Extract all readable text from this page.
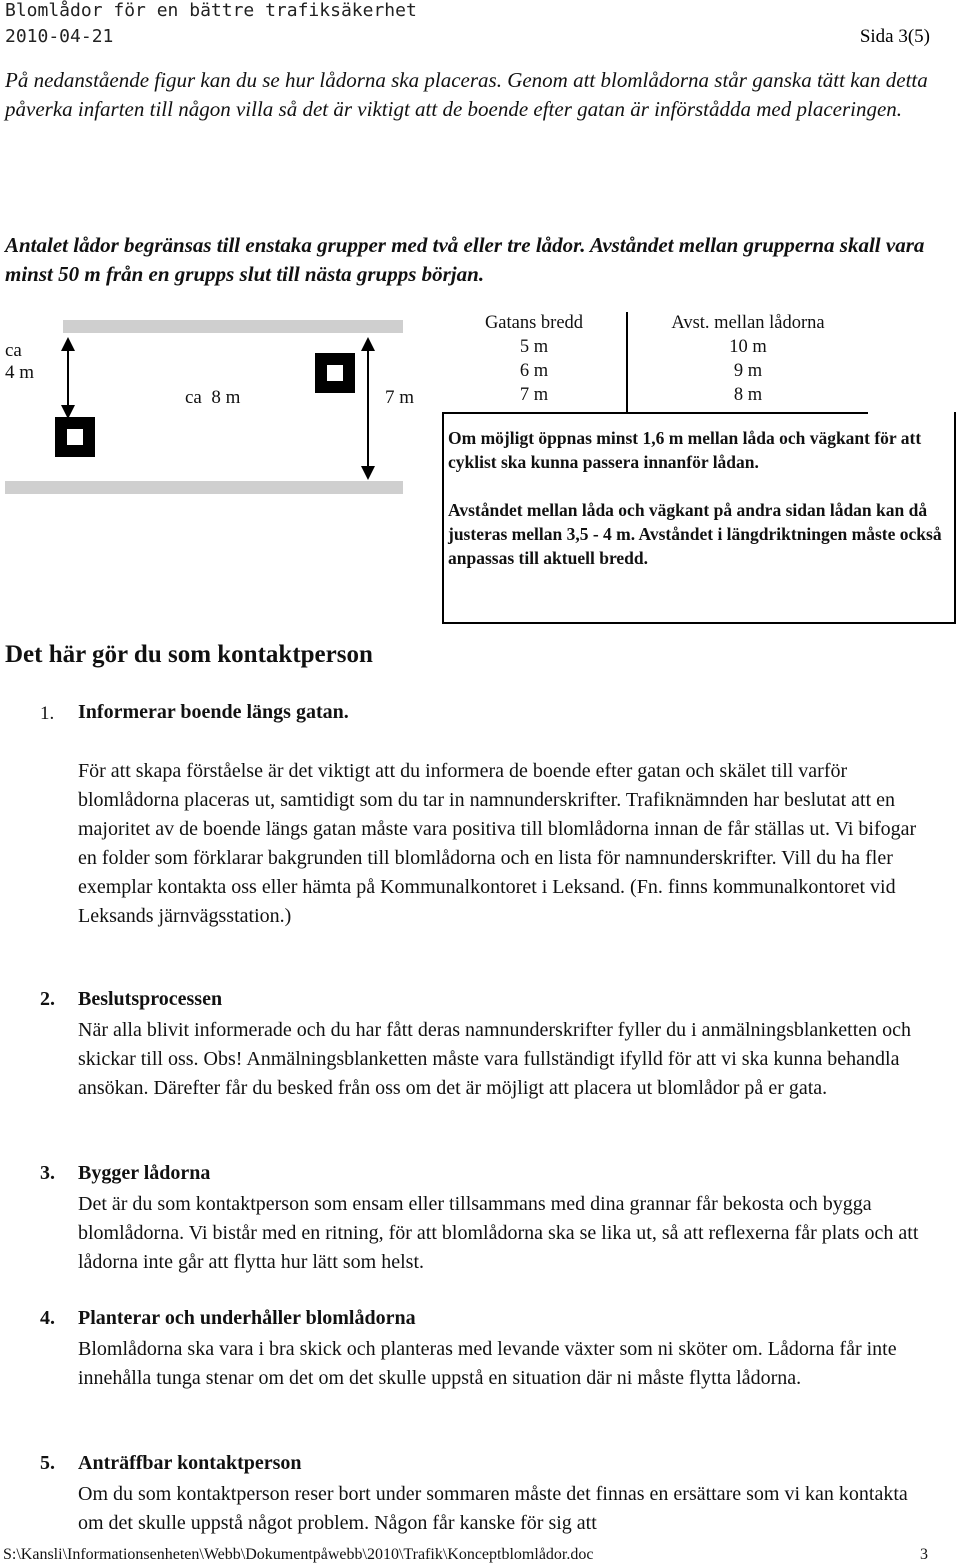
Blomlådor för en bättre trafiksäkerhet
2010-04-21	Sida 3(5)
På nedanstående figur kan du se hur lådorna ska placeras. Genom att blomlådorna står ganska tätt kan detta påverka infarten till någon villa så det är viktigt att de boende efter gatan är införstådda med placeringen.
Antalet lådor begränsas till enstaka grupper med två eller tre lådor. Avståndet mellan grupperna skall vara minst 50 m från en grupps slut till nästa grupps början.
ca
4 m
ca  8 m	7 m
Gatans bredd	Avst. mellan lådorna
5 m	10 m
6 m	9 m
7 m	8 m
Om möjligt öppnas minst 1,6 m mellan låda och vägkant för att cyklist ska kunna passera innanför lådan.
Avståndet mellan låda och vägkant på andra sidan lådan kan då justeras mellan 3,5 - 4 m. Avståndet i längdriktningen måste också anpassas till aktuell bredd.
Det här gör du som kontaktperson
1. Informerar boende längs gatan.
För att skapa förståelse är det viktigt att du informera de boende efter gatan och skälet till varför blomlådorna placeras ut, samtidigt som du tar in namnunderskrifter. Trafiknämnden har beslutat att en majoritet av de boende längs gatan måste vara positiva till blomlådorna innan de får ställas ut. Vi bifogar en folder som förklarar bakgrunden till blomlådorna och en lista för namnunderskrifter. Vill du ha fler exemplar kontakta oss eller hämta på Kommunalkontoret i Leksand. (Fn. finns kommunalkontoret vid Leksands järnvägsstation.)
2. Beslutsprocessen
När alla blivit informerade och du har fått deras namnunderskrifter fyller du i anmälningsblanketten och skickar till oss. Obs! Anmälningsblanketten måste vara fullständigt ifylld för att vi ska kunna behandla ansökan. Därefter får du besked från oss om det är möjligt att placera ut blomlådor på er gata.
3. Bygger lådorna
Det är du som kontaktperson som ensam eller tillsammans med dina grannar får bekosta och bygga blomlådorna. Vi bistår med en ritning, för att blomlådorna ska se lika ut, så att reflexerna får plats och att lådorna inte går att flytta hur lätt som helst.
4. Planterar och underhåller blomlådorna
Blomlådorna ska vara i bra skick och planteras med levande växter som ni sköter om. Lådorna får inte innehålla tunga stenar om det om det skulle uppstå en situation där ni måste flytta lådorna.
5. Anträffbar kontaktperson
Om du som kontaktperson reser bort under sommaren måste det finnas en ersättare som vi kan kontakta om det skulle uppstå något problem. Någon får kanske för sig att
S:\Kansli\Informationsenheten\Webb\Dokumentpåwebb\2010\Trafik\Konceptblomlådor.doc	3
